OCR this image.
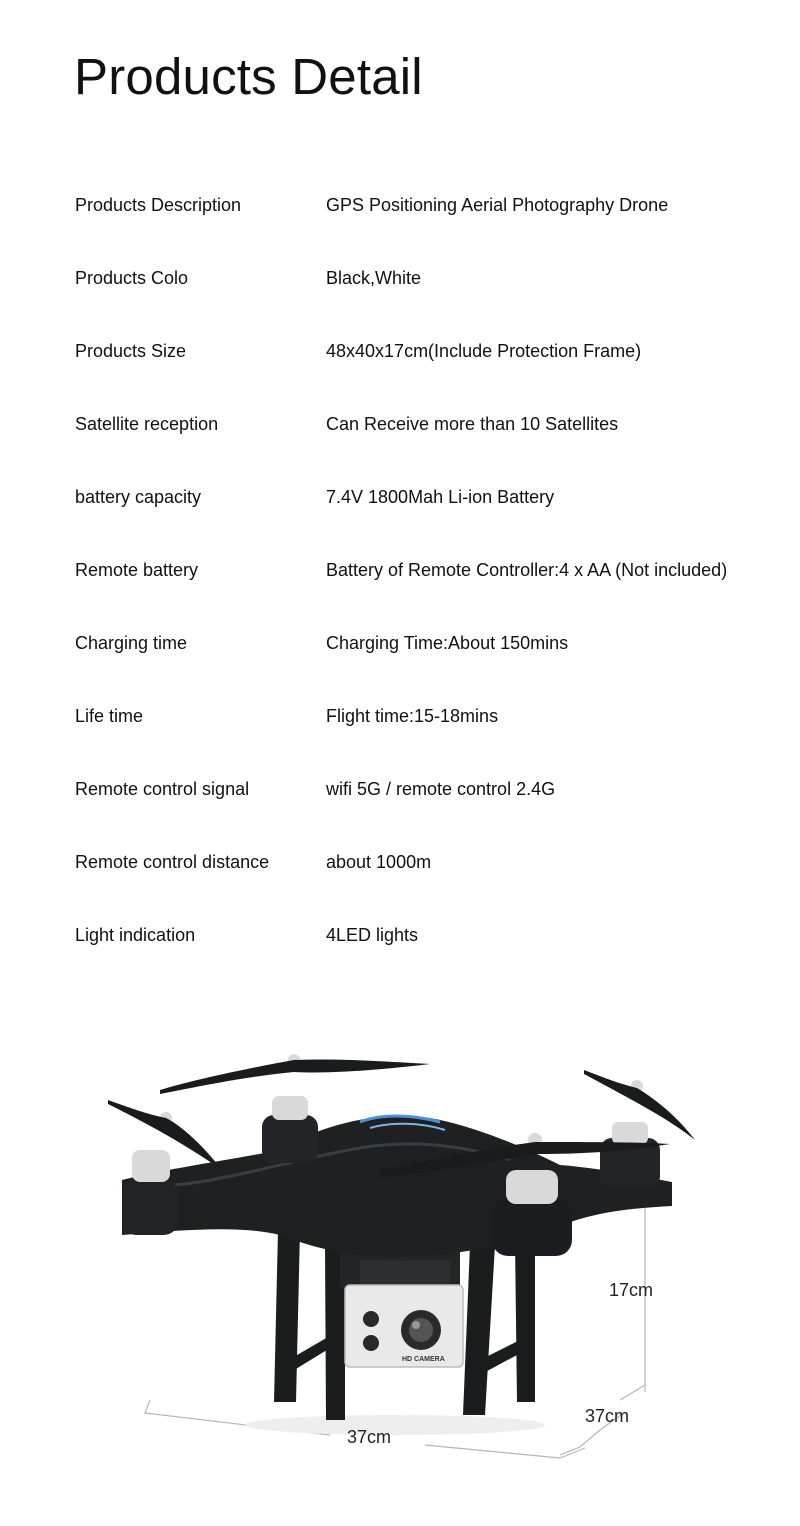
Products Detail
Products Description	GPS Positioning Aerial Photography Drone
Products Colo	Black,White
Products Size	48x40x17cm(Include Protection Frame)
Satellite reception	Can Receive more than 10 Satellites
battery capacity	7.4V 1800Mah Li-ion Battery
Remote battery	Battery of Remote Controller:4 x AA (Not included)
Charging time	Charging Time:About 150mins
Life time	Flight time:15-18mins
Remote control signal	wifi 5G / remote control 2.4G
Remote control distance	about 1000m
Light indication	4LED lights
HD CAMERA
17cm
37cm
37cm
